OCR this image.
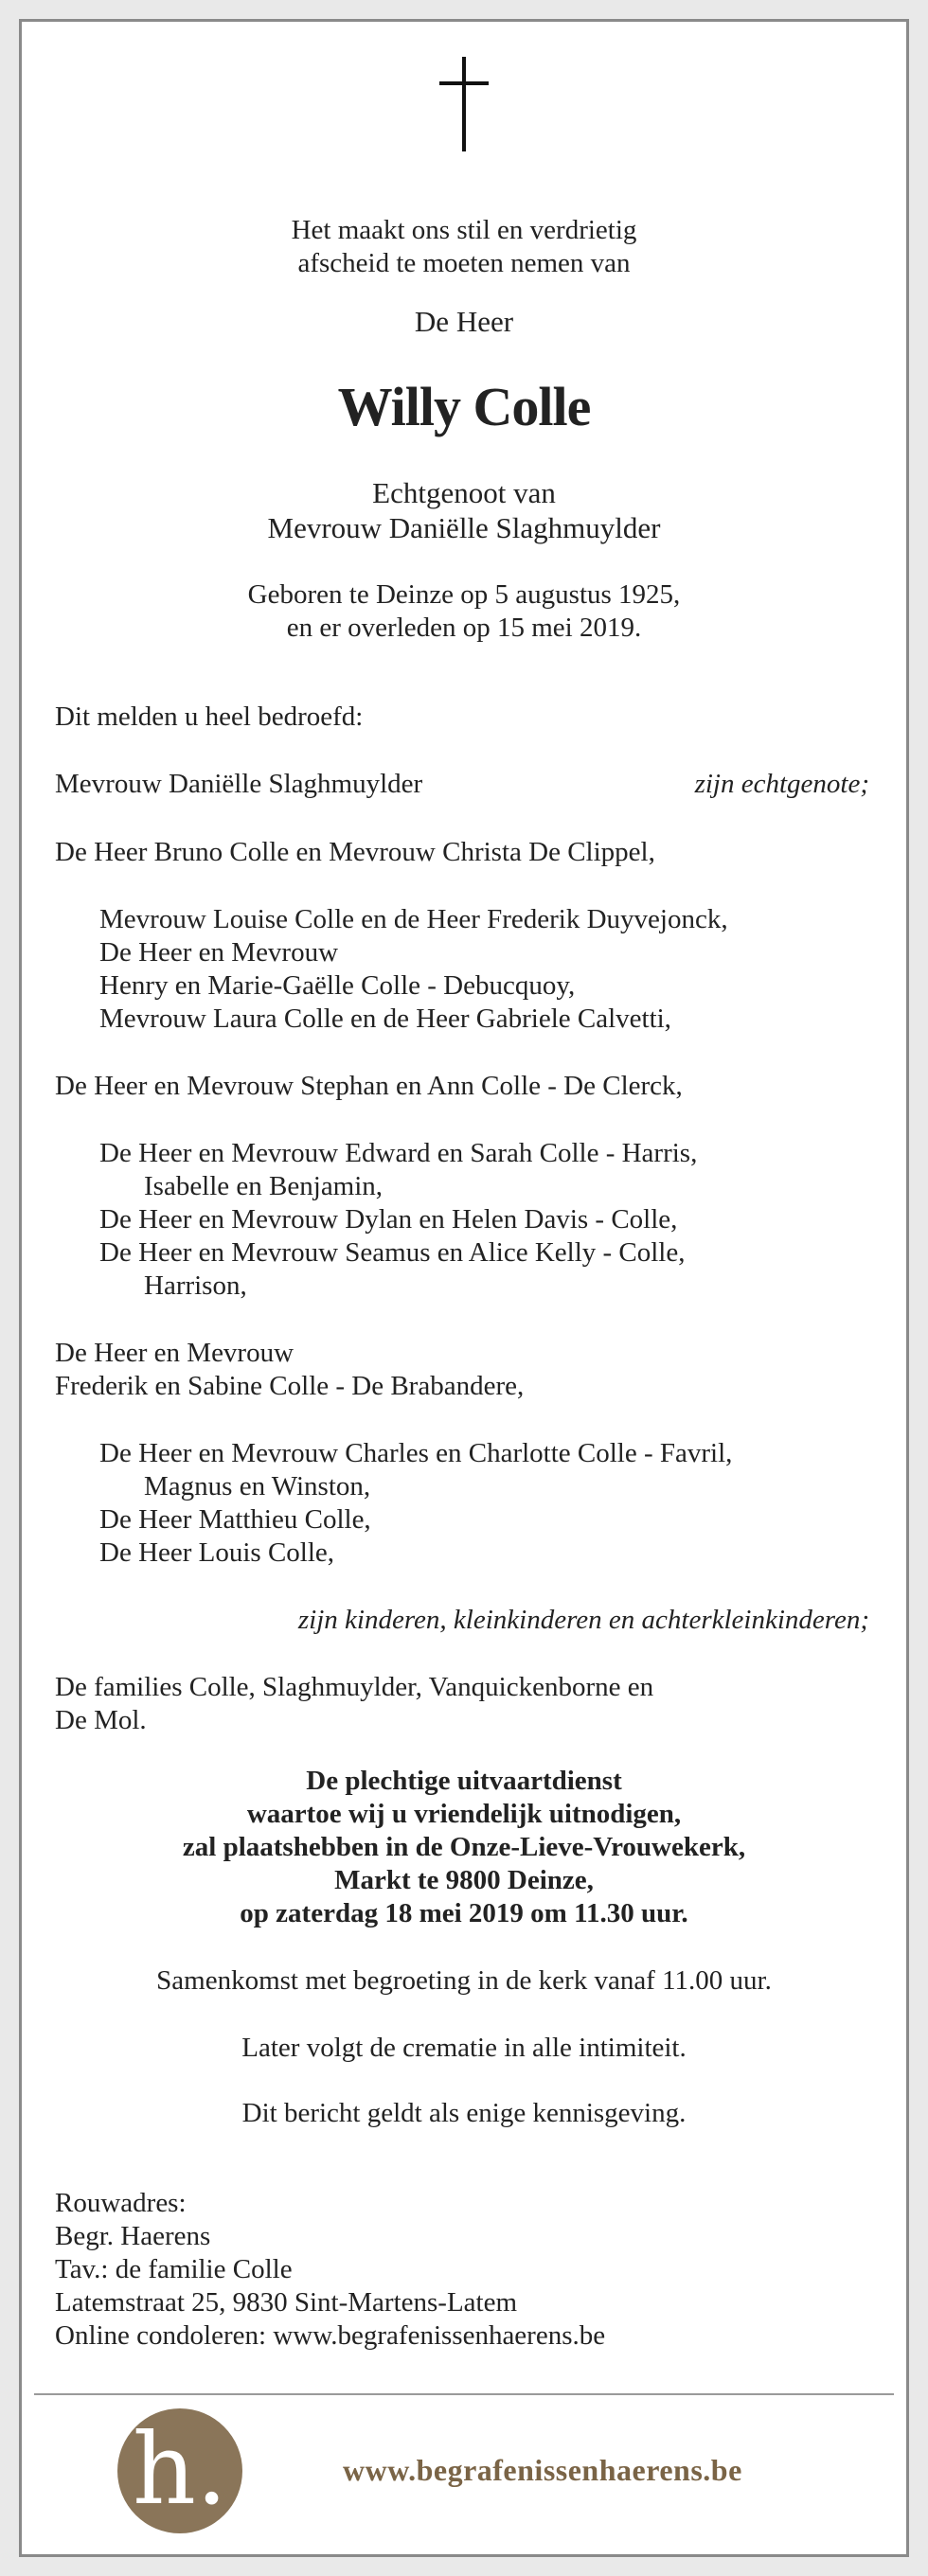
Het maakt ons stil en verdrietig
afscheid te moeten nemen van
De Heer
Willy Colle
Echtgenoot van
Mevrouw Daniëlle Slaghmuylder
Geboren te Deinze op 5 augustus 1925,
en er overleden op 15 mei 2019.
Dit melden u heel bedroefd:
Mevrouw Daniëlle Slaghmuylder	zijn echtgenote;
De Heer Bruno Colle en Mevrouw Christa De Clippel,
Mevrouw Louise Colle en de Heer Frederik Duyvejonck,
De Heer en Mevrouw
Henry en Marie-Gaëlle Colle - Debucquoy,
Mevrouw Laura Colle en de Heer Gabriele Calvetti,
De Heer en Mevrouw Stephan en Ann Colle - De Clerck,
De Heer en Mevrouw Edward en Sarah Colle - Harris,
Isabelle en Benjamin,
De Heer en Mevrouw Dylan en Helen Davis - Colle,
De Heer en Mevrouw Seamus en Alice Kelly - Colle,
Harrison,
De Heer en Mevrouw
Frederik en Sabine Colle - De Brabandere,
De Heer en Mevrouw Charles en Charlotte Colle - Favril,
Magnus en Winston,
De Heer Matthieu Colle,
De Heer Louis Colle,
zijn kinderen, kleinkinderen en achterkleinkinderen;
De families Colle, Slaghmuylder, Vanquickenborne en
De Mol.
De plechtige uitvaartdienst
waartoe wij u vriendelijk uitnodigen,
zal plaatshebben in de Onze-Lieve-Vrouwekerk,
Markt te 9800 Deinze,
op zaterdag 18 mei 2019 om 11.30 uur.
Samenkomst met begroeting in de kerk vanaf 11.00 uur.
Later volgt de crematie in alle intimiteit.
Dit bericht geldt als enige kennisgeving.
Rouwadres:
Begr. Haerens
Tav.: de familie Colle
Latemstraat 25, 9830 Sint-Martens-Latem
Online condoleren: www.begrafenissenhaerens.be
h.	www.begrafenissenhaerens.be
